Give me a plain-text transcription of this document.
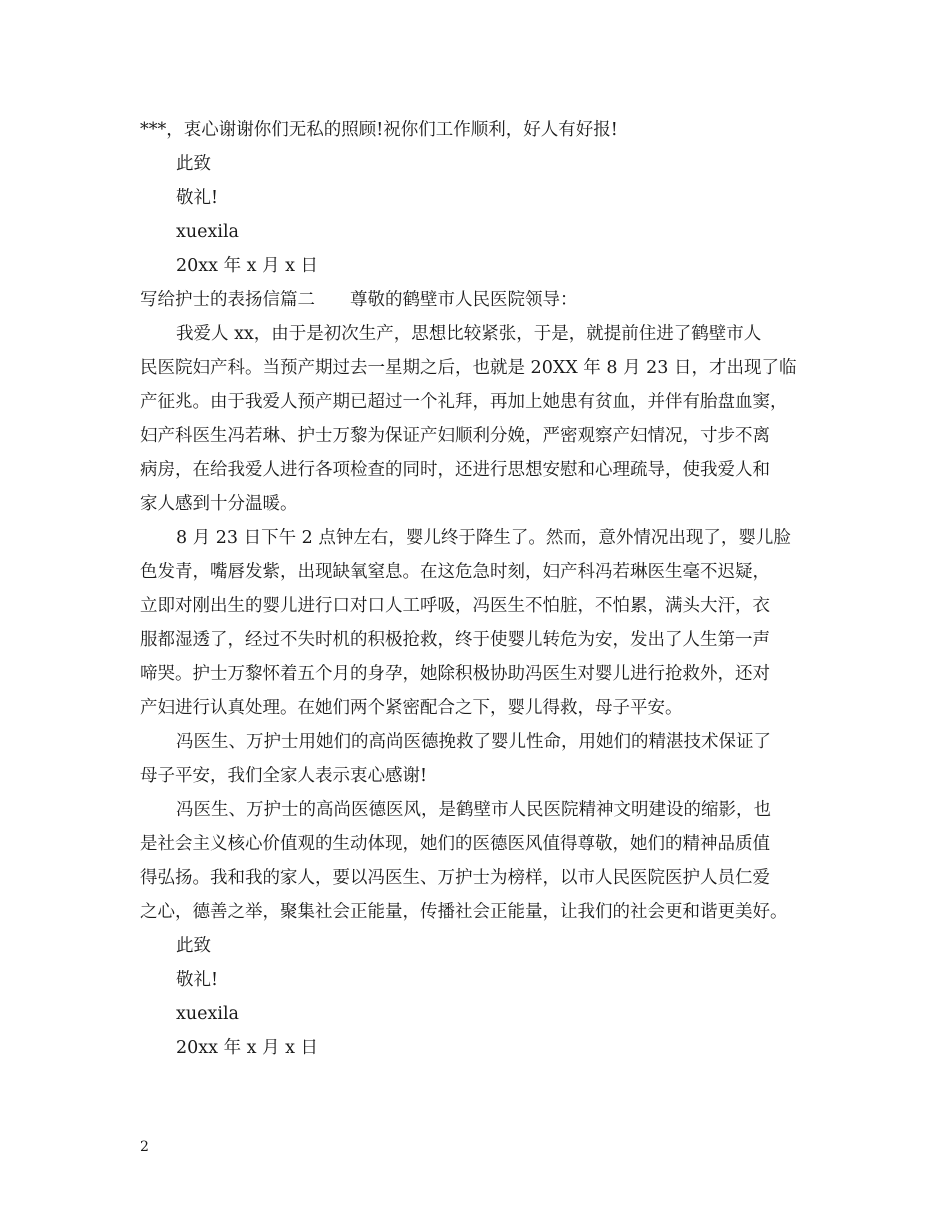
***，衷心谢谢你们无私的照顾!祝你们工作顺利，好人有好报!
此致
敬礼!
xuexila
20xx 年 x 月 x 日
写给护士的表扬信篇二　　尊敬的鹤壁市人民医院领导：
我爱人 xx，由于是初次生产，思想比较紧张，于是，就提前住进了鹤壁市人
民医院妇产科。当预产期过去一星期之后，也就是 20XX 年 8 月 23 日，才出现了临
产征兆。由于我爱人预产期已超过一个礼拜，再加上她患有贫血，并伴有胎盘血窦，
妇产科医生冯若琳、护士万黎为保证产妇顺利分娩，严密观察产妇情况，寸步不离
病房，在给我爱人进行各项检查的同时，还进行思想安慰和心理疏导，使我爱人和
家人感到十分温暖。
8 月 23 日下午 2 点钟左右，婴儿终于降生了。然而，意外情况出现了，婴儿脸
色发青，嘴唇发紫，出现缺氧窒息。在这危急时刻，妇产科冯若琳医生毫不迟疑，
立即对刚出生的婴儿进行口对口人工呼吸，冯医生不怕脏，不怕累，满头大汗，衣
服都湿透了，经过不失时机的积极抢救，终于使婴儿转危为安，发出了人生第一声
啼哭。护士万黎怀着五个月的身孕，她除积极协助冯医生对婴儿进行抢救外，还对
产妇进行认真处理。在她们两个紧密配合之下，婴儿得救，母子平安。
冯医生、万护士用她们的高尚医德挽救了婴儿性命，用她们的精湛技术保证了
母子平安，我们全家人表示衷心感谢!
冯医生、万护士的高尚医德医风，是鹤壁市人民医院精神文明建设的缩影，也
是社会主义核心价值观的生动体现，她们的医德医风值得尊敬，她们的精神品质值
得弘扬。我和我的家人，要以冯医生、万护士为榜样，以市人民医院医护人员仁爱
之心，德善之举，聚集社会正能量，传播社会正能量，让我们的社会更和谐更美好。
此致
敬礼!
xuexila
20xx 年 x 月 x 日
2
